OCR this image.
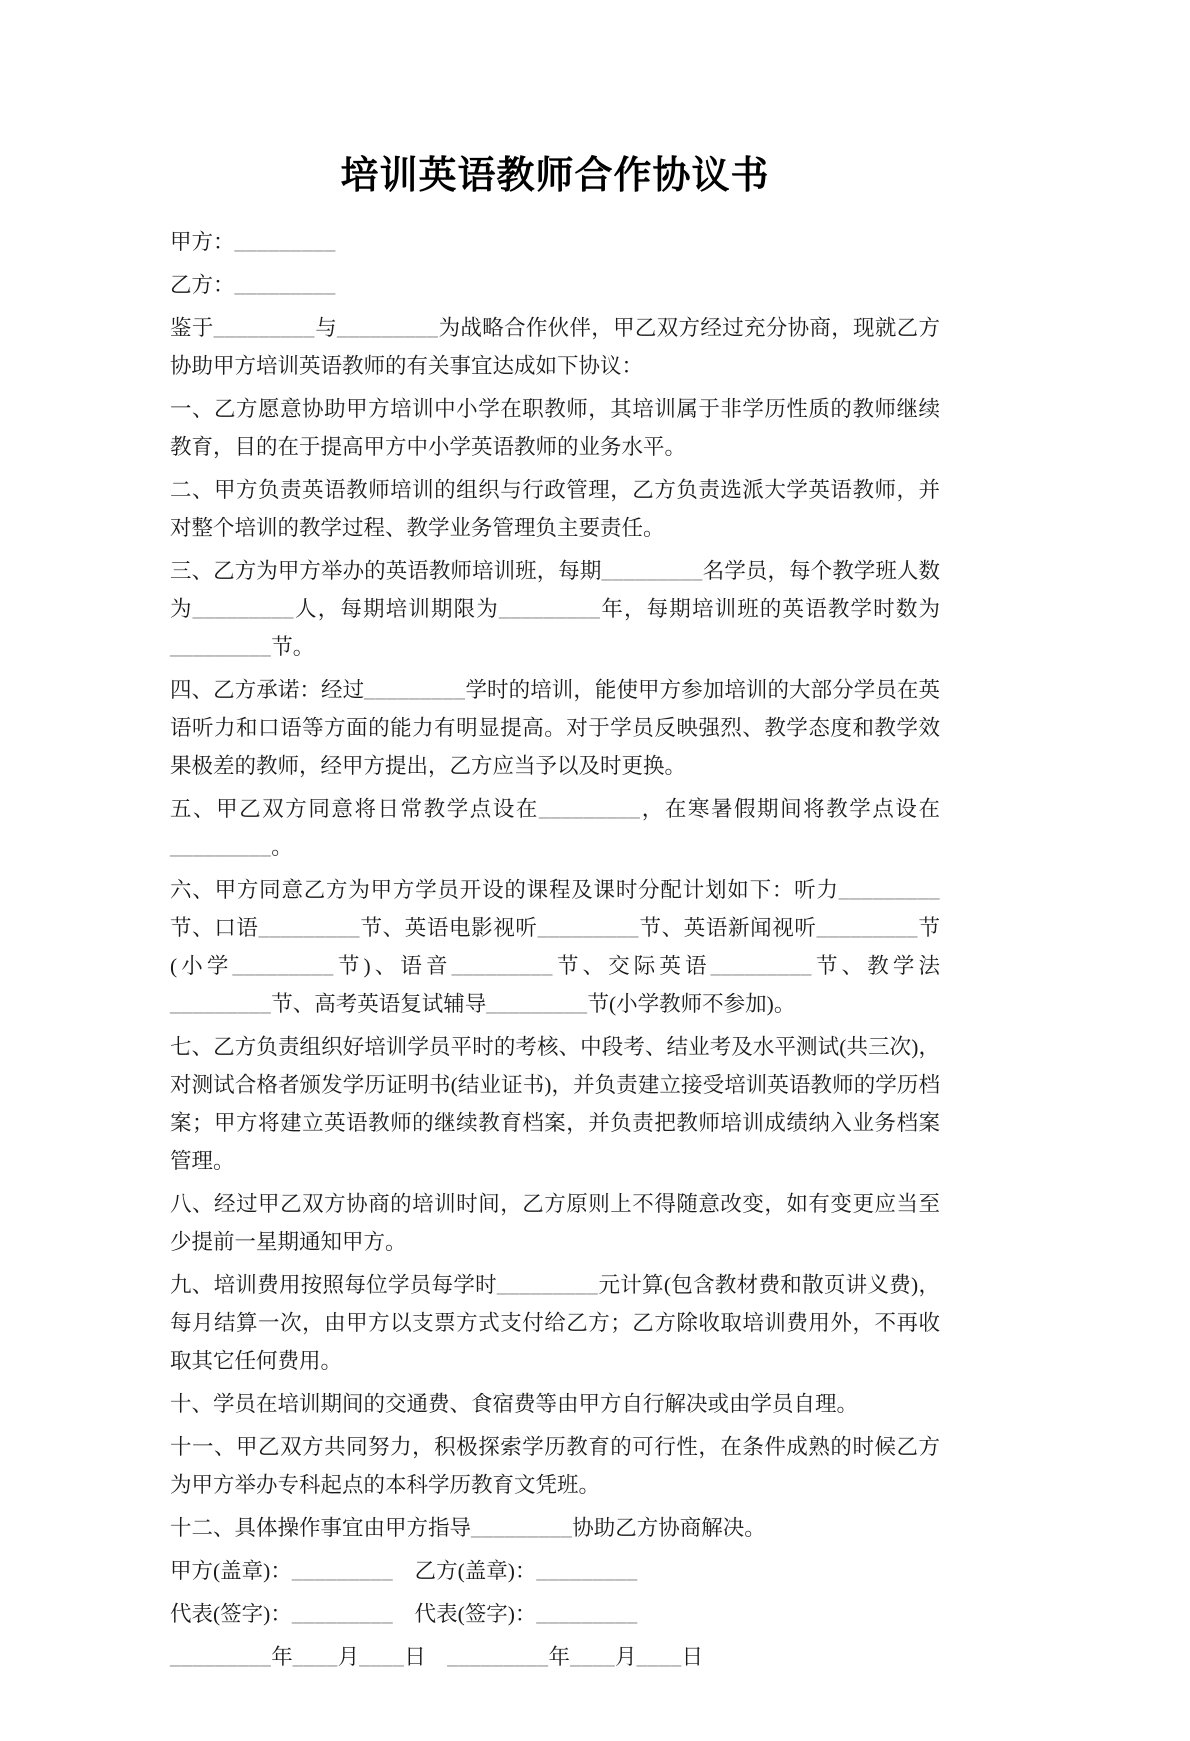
培训英语教师合作协议书

甲方：_________

乙方：_________

鉴于_________与_________为战略合作伙伴，甲乙双方经过充分协商，现就乙方协助甲方培训英语教师的有关事宜达成如下协议：

一、乙方愿意协助甲方培训中小学在职教师，其培训属于非学历性质的教师继续教育，目的在于提高甲方中小学英语教师的业务水平。

二、甲方负责英语教师培训的组织与行政管理，乙方负责选派大学英语教师，并对整个培训的教学过程、教学业务管理负主要责任。

三、乙方为甲方举办的英语教师培训班，每期_________名学员，每个教学班人数为_________人，每期培训期限为_________年，每期培训班的英语教学时数为_________节。

四、乙方承诺：经过_________学时的培训，能使甲方参加培训的大部分学员在英语听力和口语等方面的能力有明显提高。对于学员反映强烈、教学态度和教学效果极差的教师，经甲方提出，乙方应当予以及时更换。

五、甲乙双方同意将日常教学点设在_________，在寒暑假期间将教学点设在_________。

六、甲方同意乙方为甲方学员开设的课程及课时分配计划如下：听力_________节、口语_________节、英语电影视听_________节、英语新闻视听_________节(小学_________节)、语音_________节、交际英语_________节、教学法_________节、高考英语复试辅导_________节(小学教师不参加)。

七、乙方负责组织好培训学员平时的考核、中段考、结业考及水平测试(共三次)，对测试合格者颁发学历证明书(结业证书)，并负责建立接受培训英语教师的学历档案；甲方将建立英语教师的继续教育档案，并负责把教师培训成绩纳入业务档案管理。

八、经过甲乙双方协商的培训时间，乙方原则上不得随意改变，如有变更应当至少提前一星期通知甲方。

九、培训费用按照每位学员每学时_________元计算(包含教材费和散页讲义费)，每月结算一次，由甲方以支票方式支付给乙方；乙方除收取培训费用外，不再收取其它任何费用。

十、学员在培训期间的交通费、食宿费等由甲方自行解决或由学员自理。

十一、甲乙双方共同努力，积极探索学历教育的可行性，在条件成熟的时候乙方为甲方举办专科起点的本科学历教育文凭班。

十二、具体操作事宜由甲方指导_________协助乙方协商解决。

甲方(盖章)：_________　乙方(盖章)：_________

代表(签字)：_________　代表(签字)：_________

_________年____月____日　_________年____月____日
